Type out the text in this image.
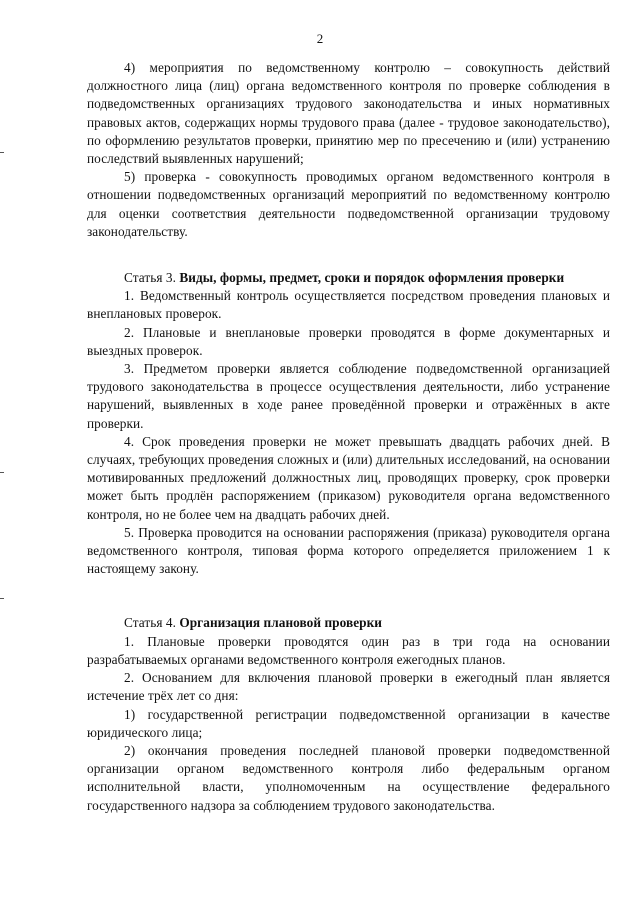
2

4) мероприятия по ведомственному контролю – совокупность действий должностного лица (лиц) органа ведомственного контроля по проверке соблюдения в подведомственных организациях трудового законодательства и иных нормативных правовых актов, содержащих нормы трудового права (далее - трудовое законодательство), по оформлению результатов проверки, принятию мер по пресечению и (или) устранению последствий выявленных нарушений;

5) проверка - совокупность проводимых органом ведомственного контроля в отношении подведомственных организаций мероприятий по ведомственному контролю для оценки соответствия деятельности подведомственной организации трудовому законодательству.

Статья 3. Виды, формы, предмет, сроки и порядок оформления проверки

1. Ведомственный контроль осуществляется посредством проведения плановых и внеплановых проверок.

2. Плановые и внеплановые проверки проводятся в форме документарных и выездных проверок.

3. Предметом проверки является соблюдение подведомственной организацией трудового законодательства в процессе осуществления деятельности, либо устранение нарушений, выявленных в ходе ранее проведённой проверки и отражённых в акте проверки.

4. Срок проведения проверки не может превышать двадцать рабочих дней. В случаях, требующих проведения сложных и (или) длительных исследований, на основании мотивированных предложений должностных лиц, проводящих проверку, срок проверки может быть продлён распоряжением (приказом) руководителя органа ведомственного контроля, но не более чем на двадцать рабочих дней.

5. Проверка проводится на основании распоряжения (приказа) руководителя органа ведомственного контроля, типовая форма которого определяется приложением 1 к настоящему закону.

Статья 4. Организация плановой проверки

1. Плановые проверки проводятся один раз в три года на основании разрабатываемых органами ведомственного контроля ежегодных планов.

2. Основанием для включения плановой проверки в ежегодный план является истечение трёх лет со дня:

1) государственной регистрации подведомственной организации в качестве юридического лица;

2) окончания проведения последней плановой проверки подведомственной организации органом ведомственного контроля либо федеральным органом исполнительной власти, уполномоченным на осуществление федерального государственного надзора за соблюдением трудового законодательства.
